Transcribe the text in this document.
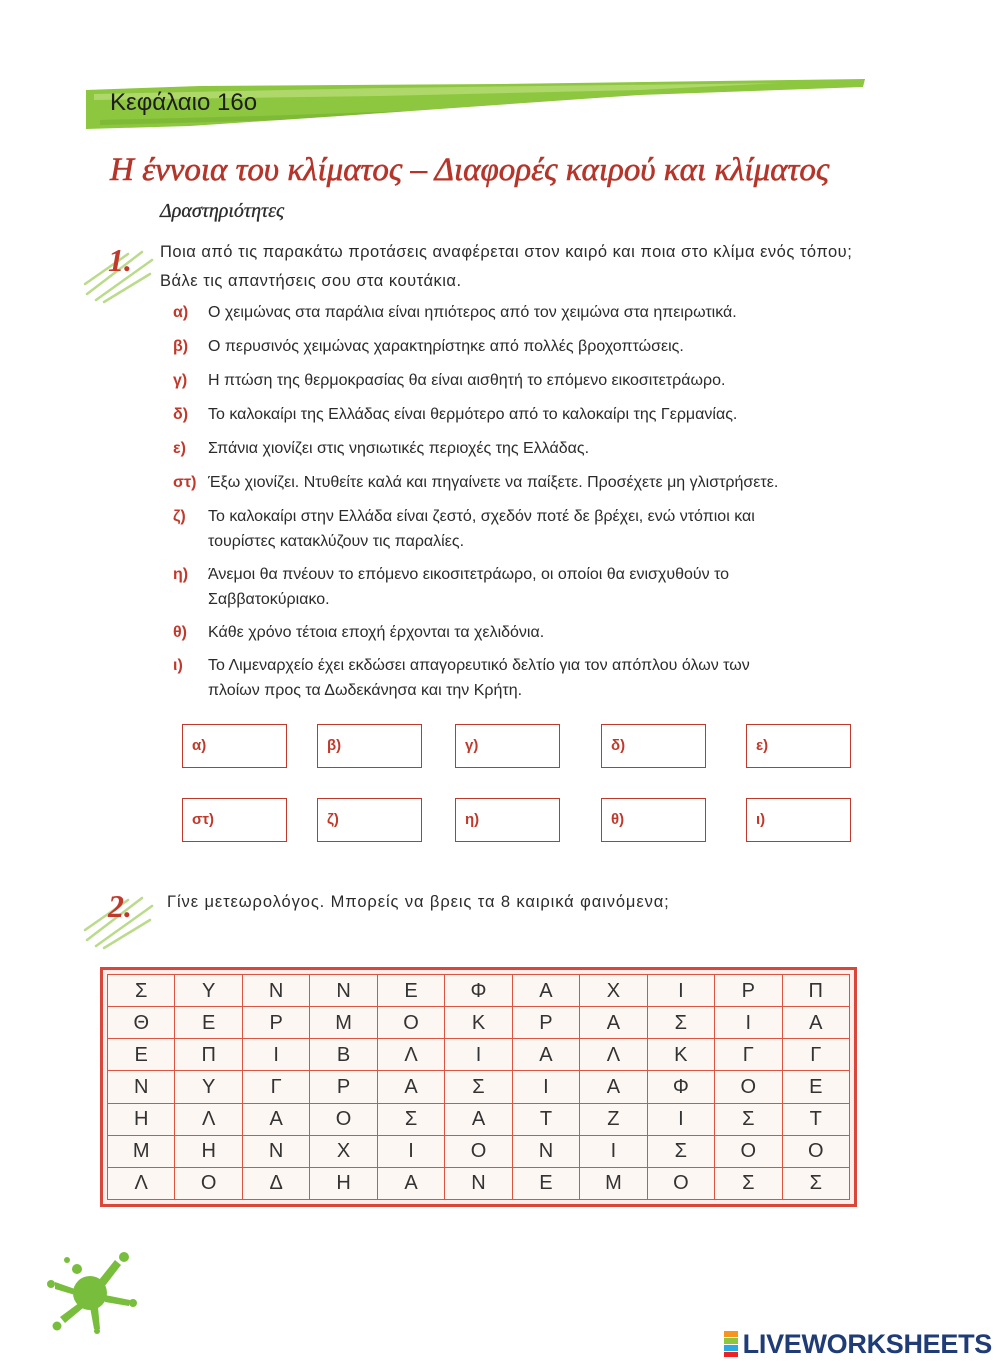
Κεφάλαιο 16ο
Η έννοια του κλίματος – Διαφορές καιρού και κλίματος
Δραστηριότητες
1. Ποια από τις παρακάτω προτάσεις αναφέρεται στον καιρό και ποια στο κλίμα ενός τόπου;
Βάλε τις απαντήσεις σου στα κουτάκια.
α) Ο χειμώνας στα παράλια είναι ηπιότερος από τον χειμώνα στα ηπειρωτικά.
β) Ο περυσινός χειμώνας χαρακτηρίστηκε από πολλές βροχοπτώσεις.
γ) Η πτώση της θερμοκρασίας θα είναι αισθητή το επόμενο εικοσιτετράωρο.
δ) Το καλοκαίρι της Ελλάδας είναι θερμότερο από το καλοκαίρι της Γερμανίας.
ε) Σπάνια χιονίζει στις νησιωτικές περιοχές της Ελλάδας.
στ) Έξω χιονίζει. Ντυθείτε καλά και πηγαίνετε να παίξετε. Προσέχετε μη γλιστρήσετε.
ζ) Το καλοκαίρι στην Ελλάδα είναι ζεστό, σχεδόν ποτέ δε βρέχει, ενώ ντόπιοι και
τουρίστες κατακλύζουν τις παραλίες.
η) Άνεμοι θα πνέουν το επόμενο εικοσιτετράωρο, οι οποίοι θα ενισχυθούν το
Σαββατοκύριακο.
θ) Κάθε χρόνο τέτοια εποχή έρχονται τα χελιδόνια.
ι) Το Λιμεναρχείο έχει εκδώσει απαγορευτικό δελτίο για τον απόπλου όλων των
πλοίων προς τα Δωδεκάνησα και την Κρήτη.
α)	β)	γ)	δ)	ε)
στ)	ζ)	η)	θ)	ι)
2. Γίνε μετεωρολόγος. Μπορείς να βρεις τα 8 καιρικά φαινόμενα;
Σ	Υ	Ν	Ν	Ε	Φ	Α	Χ	Ι	Ρ	Π
Θ	Ε	Ρ	Μ	Ο	Κ	Ρ	Α	Σ	Ι	Α
Ε	Π	Ι	Β	Λ	Ι	Α	Λ	Κ	Γ	Γ
Ν	Υ	Γ	Ρ	Α	Σ	Ι	Α	Φ	Ο	Ε
Η	Λ	Α	Ο	Σ	Α	Τ	Ζ	Ι	Σ	Τ
Μ	Η	Ν	Χ	Ι	Ο	Ν	Ι	Σ	Ο	Ο
Λ	Ο	Δ	Η	Α	Ν	Ε	Μ	Ο	Σ	Σ
LIVEWORKSHEETS
